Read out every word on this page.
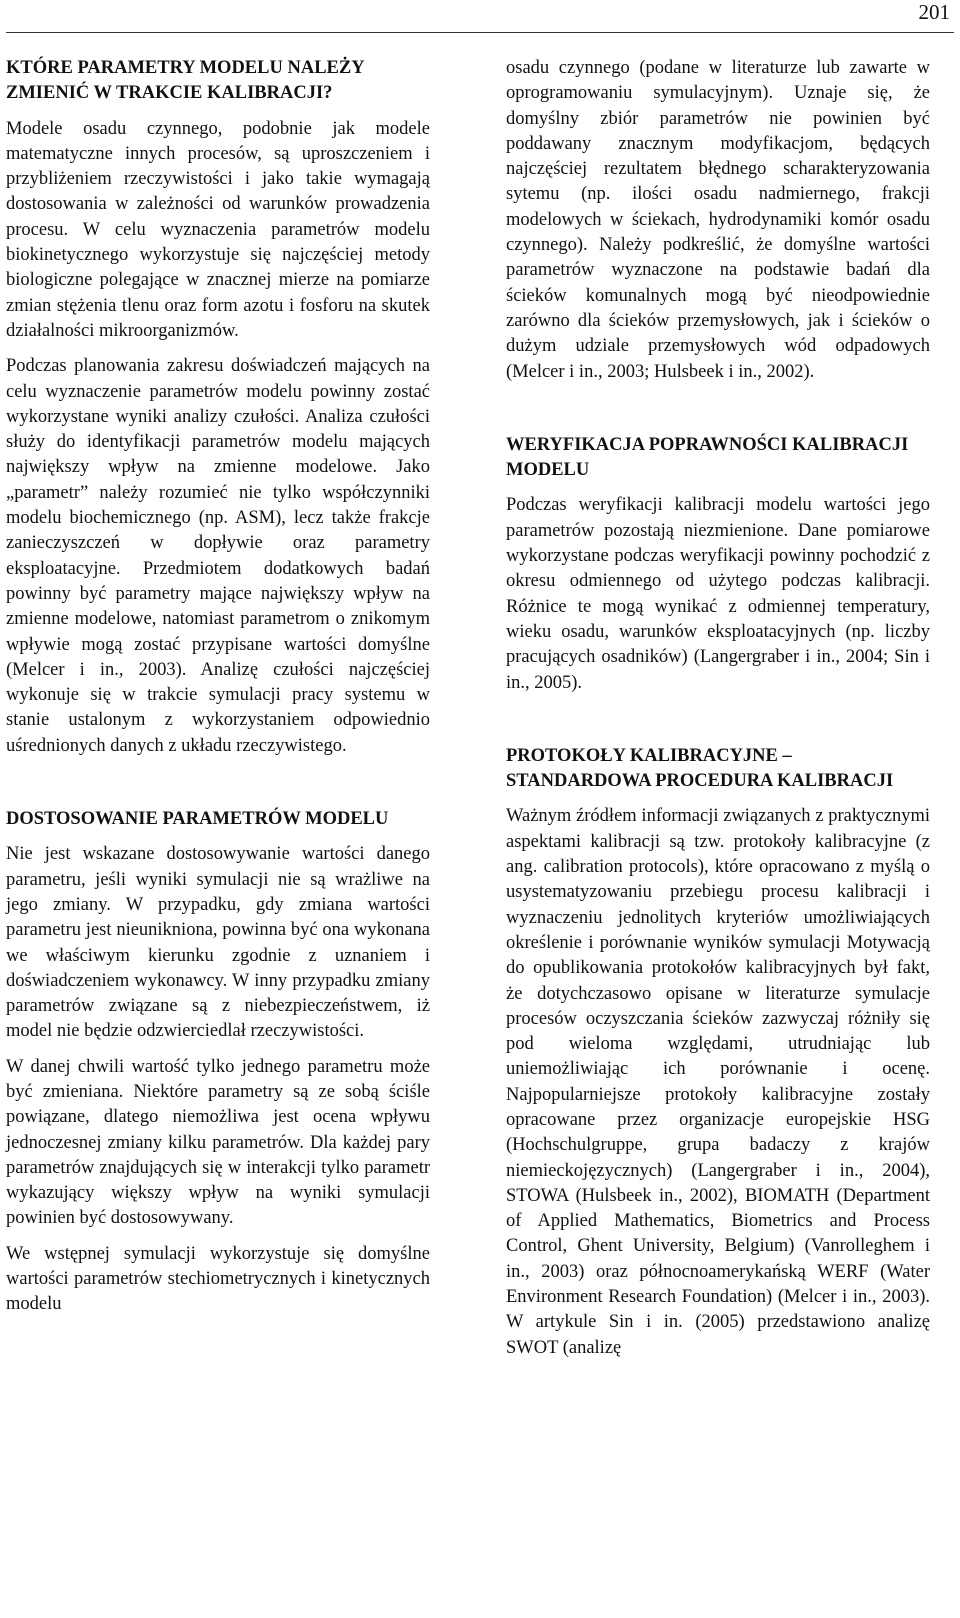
201
KTÓRE PARAMETRY MODELU NALEŻY ZMIENIĆ W TRAKCIE KALIBRACJI?

Modele osadu czynnego, podobnie jak modele matematyczne innych procesów, są uproszczeniem i przybliżeniem rzeczywistości i jako takie wymagają dostosowania w zależności od warunków prowadzenia procesu. W celu wyznaczenia parametrów modelu biokinetycznego wykorzystuje się najczęściej metody biologiczne polegające w znacznej mierze na pomiarze zmian stężenia tlenu oraz form azotu i fosforu na skutek działalności mikroorganizmów.

Podczas planowania zakresu doświadczeń mających na celu wyznaczenie parametrów modelu powinny zostać wykorzystane wyniki analizy czułości. Analiza czułości służy do identyfikacji parametrów modelu mających największy wpływ na zmienne modelowe. Jako „parametr” należy rozumieć nie tylko współczynniki modelu biochemicznego (np. ASM), lecz także frakcje zanieczyszczeń w dopływie oraz parametry eksploatacyjne. Przedmiotem dodatkowych badań powinny być parametry mające największy wpływ na zmienne modelowe, natomiast parametrom o znikomym wpływie mogą zostać przypisane wartości domyślne (Melcer i in., 2003). Analizę czułości najczęściej wykonuje się w trakcie symulacji pracy systemu w stanie ustalonym z wykorzystaniem odpowiednio uśrednionych danych z układu rzeczywistego.

DOSTOSOWANIE PARAMETRÓW MODELU

Nie jest wskazane dostosowywanie wartości danego parametru, jeśli wyniki symulacji nie są wrażliwe na jego zmiany. W przypadku, gdy zmiana wartości parametru jest nieunikniona, powinna być ona wykonana we właściwym kierunku zgodnie z uznaniem i doświadczeniem wykonawcy. W inny przypadku zmiany parametrów związane są z niebezpieczeństwem, iż model nie będzie odzwierciedlał rzeczywistości.

W danej chwili wartość tylko jednego parametru może być zmieniana. Niektóre parametry są ze sobą ściśle powiązane, dlatego niemożliwa jest ocena wpływu jednoczesnej zmiany kilku parametrów. Dla każdej pary parametrów znajdujących się w interakcji tylko parametr wykazujący większy wpływ na wyniki symulacji powinien być dostosowywany.

We wstępnej symulacji wykorzystuje się domyślne wartości parametrów stechiometrycznych i kinetycznych modelu

osadu czynnego (podane w literaturze lub zawarte w oprogramowaniu symulacyjnym). Uznaje się, że domyślny zbiór parametrów nie powinien być poddawany znacznym modyfikacjom, będących najczęściej rezultatem błędnego scharakteryzowania sytemu (np. ilości osadu nadmiernego, frakcji modelowych w ściekach, hydrodynamiki komór osadu czynnego). Należy podkreślić, że domyślne wartości parametrów wyznaczone na podstawie badań dla ścieków komunalnych mogą być nieodpowiednie zarówno dla ścieków przemysłowych, jak i ścieków o dużym udziale przemysłowych wód odpadowych (Melcer i in., 2003; Hulsbeek i in., 2002).

WERYFIKACJA POPRAWNOŚCI KALIBRACJI MODELU

Podczas weryfikacji kalibracji modelu wartości jego parametrów pozostają niezmienione. Dane pomiarowe wykorzystane podczas weryfikacji powinny pochodzić z okresu odmiennego od użytego podczas kalibracji. Różnice te mogą wynikać z odmiennej temperatury, wieku osadu, warunków eksploatacyjnych (np. liczby pracujących osadników) (Langergraber i in., 2004; Sin i in., 2005).

PROTOKOŁY KALIBRACYJNE – STANDARDOWA PROCEDURA KALIBRACJI

Ważnym źródłem informacji związanych z praktycznymi aspektami kalibracji są tzw. protokoły kalibracyjne (z ang. calibration protocols), które opracowano z myślą o usystematyzowaniu przebiegu procesu kalibracji i wyznaczeniu jednolitych kryteriów umożliwiających określenie i porównanie wyników symulacji Motywacją do opublikowania protokołów kalibracyjnych był fakt, że dotychczasowo opisane w literaturze symulacje procesów oczyszczania ścieków zazwyczaj różniły się pod wieloma względami, utrudniając lub uniemożliwiając ich porównanie i ocenę. Najpopularniejsze protokoły kalibracyjne zostały opracowane przez organizacje europejskie HSG (Hochschulgruppe, grupa badaczy z krajów niemieckojęzycznych) (Langergraber i in., 2004), STOWA (Hulsbeek in., 2002), BIOMATH (Department of Applied Mathematics, Biometrics and Process Control, Ghent University, Belgium) (Vanrolleghem i in., 2003) oraz północnoamerykańską WERF (Water Environment Research Foundation) (Melcer i in., 2003). W artykule Sin i in. (2005) przedstawiono analizę SWOT (analizę
